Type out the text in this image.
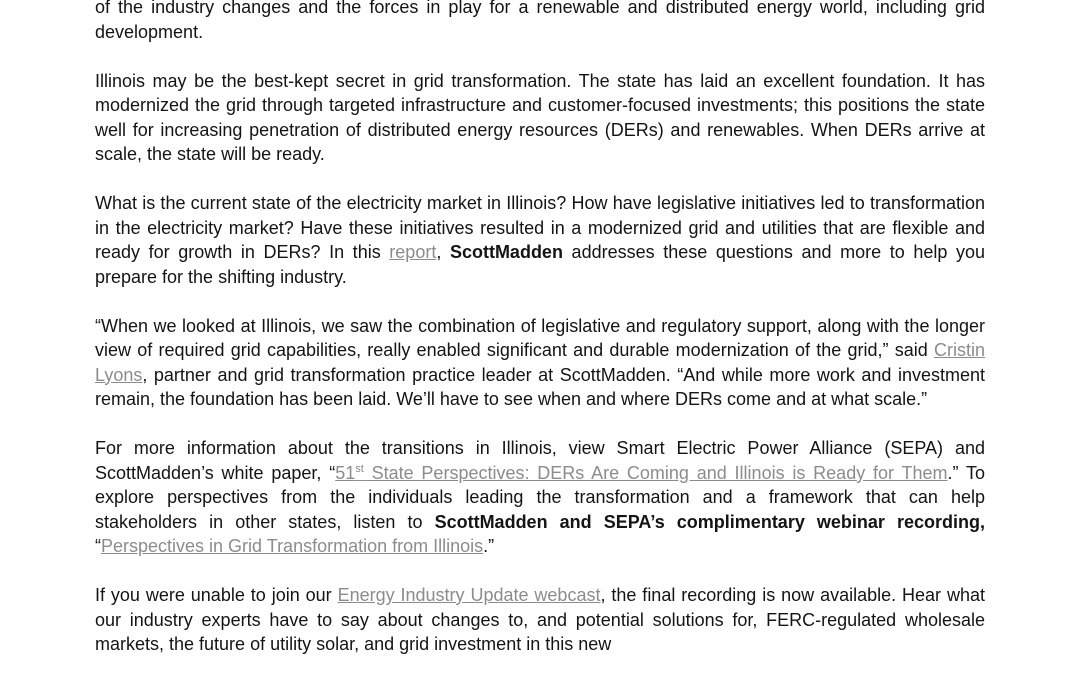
of the industry changes and the forces in play for a renewable and distributed energy world, including grid development.

Illinois may be the best-kept secret in grid transformation. The state has laid an excellent foundation. It has modernized the grid through targeted infrastructure and customer-focused investments; this positions the state well for increasing penetration of distributed energy resources (DERs) and renewables. When DERs arrive at scale, the state will be ready.

What is the current state of the electricity market in Illinois? How have legislative initiatives led to transformation in the electricity market? Have these initiatives resulted in a modernized grid and utilities that are flexible and ready for growth in DERs? In this report, ScottMadden addresses these questions and more to help you prepare for the shifting industry.

“When we looked at Illinois, we saw the combination of legislative and regulatory support, along with the longer view of required grid capabilities, really enabled significant and durable modernization of the grid,” said Cristin Lyons, partner and grid transformation practice leader at ScottMadden. “And while more work and investment remain, the foundation has been laid. We’ll have to see when and where DERs come and at what scale.”

For more information about the transitions in Illinois, view Smart Electric Power Alliance (SEPA) and ScottMadden’s white paper, “51st State Perspectives: DERs Are Coming and Illinois is Ready for Them.” To explore perspectives from the individuals leading the transformation and a framework that can help stakeholders in other states, listen to ScottMadden and SEPA’s complimentary webinar recording, “Perspectives in Grid Transformation from Illinois.”

If you were unable to join our Energy Industry Update webcast, the final recording is now available. Hear what our industry experts have to say about changes to, and potential solutions for, FERC-regulated wholesale markets, the future of utility solar, and grid investment in this new
